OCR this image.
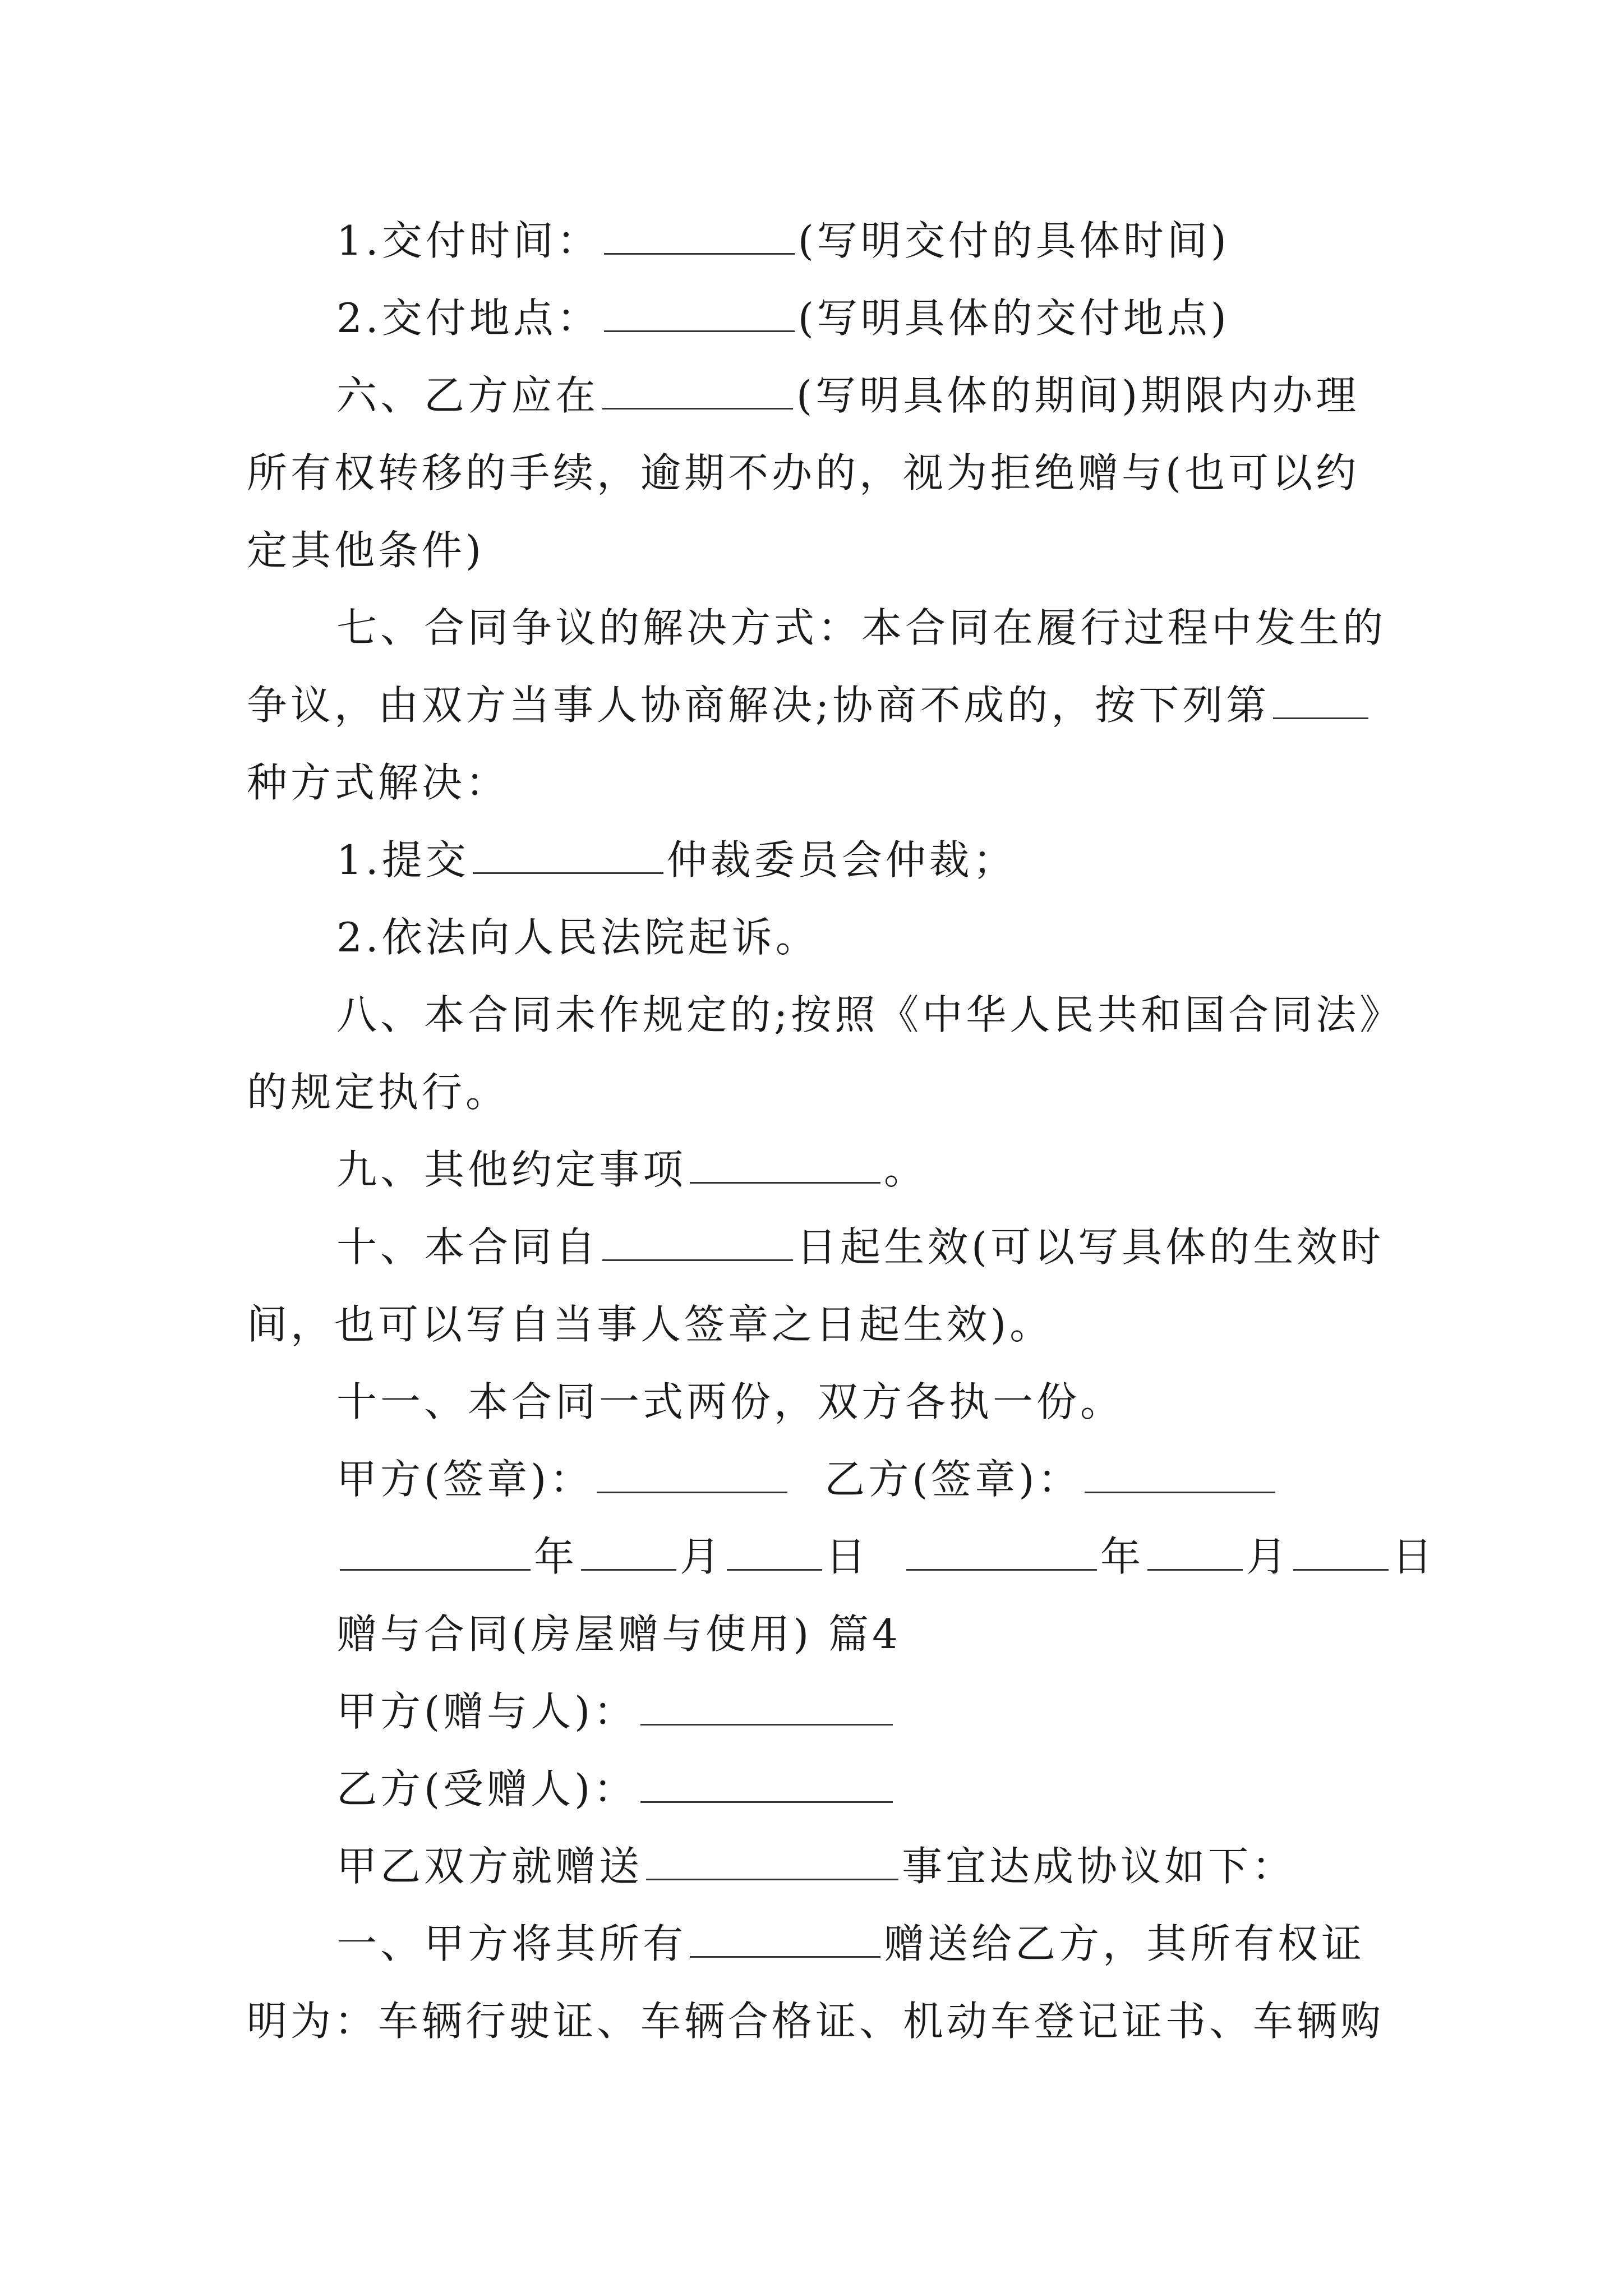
1.交付时间：	(写明交付的具体时间)
2.交付地点：	(写明具体的交付地点)
六、乙方应在	(写明具体的期间)期限内办理
所有权转移的手续，逾期不办的，视为拒绝赠与(也可以约
定其他条件)
七、合同争议的解决方式：本合同在履行过程中发生的
争议，由双方当事人协商解决;协商不成的，按下列第
种方式解决：
1.提交	仲裁委员会仲裁；
2.依法向人民法院起诉。
八、本合同未作规定的;按照《中华人民共和国合同法》
的规定执行。
九、其他约定事项	。
十、本合同自	日起生效(可以写具体的生效时
间，也可以写自当事人签章之日起生效)。
十一、本合同一式两份，双方各执一份。
甲方(签章)：	乙方(签章)：
年	月	日	年	月	日
赠与合同(房屋赠与使用) 篇4
甲方(赠与人)：
乙方(受赠人)：
甲乙双方就赠送	事宜达成协议如下：
一、甲方将其所有	赠送给乙方，其所有权证
明为：车辆行驶证、车辆合格证、机动车登记证书、车辆购
